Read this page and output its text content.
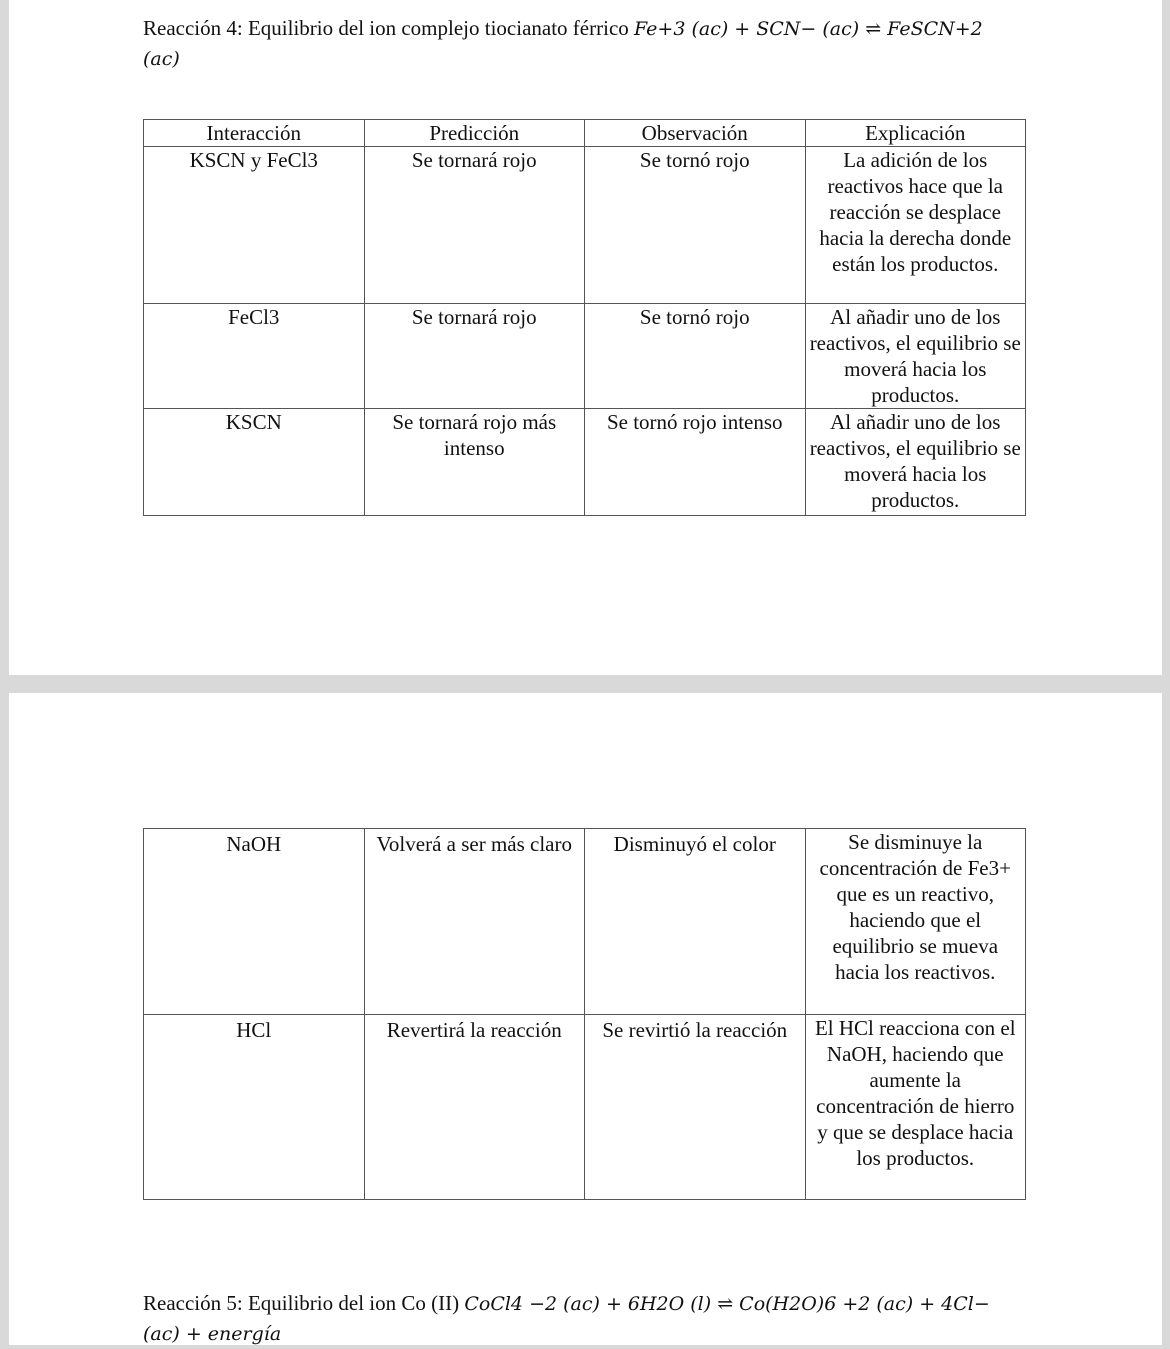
Reacción 4: Equilibrio del ion complejo tiocianato férrico Fe+3 (ac) + SCN− (ac) ⇌ FeSCN+2
(ac)
Interacción	Predicción	Observación	Explicación
KSCN y FeCl3	Se tornará rojo	Se tornó rojo	La adición de los reactivos hace que la reacción se desplace hacia la derecha donde están los productos.
FeCl3	Se tornará rojo	Se tornó rojo	Al añadir uno de los reactivos, el equilibrio se moverá hacia los productos.
KSCN	Se tornará rojo más intenso	Se tornó rojo intenso	Al añadir uno de los reactivos, el equilibrio se moverá hacia los productos.
NaOH	Volverá a ser más claro	Disminuyó el color	Se disminuye la concentración de Fe3+ que es un reactivo, haciendo que el equilibrio se mueva hacia los reactivos.
HCl	Revertirá la reacción	Se revirtió la reacción	El HCl reacciona con el NaOH, haciendo que aumente la concentración de hierro y que se desplace hacia los productos.
Reacción 5: Equilibrio del ion Co (II) CoCl4 −2 (ac) + 6H2O (l) ⇌ Co(H2O)6 +2 (ac) + 4Cl−
(ac) + energía
